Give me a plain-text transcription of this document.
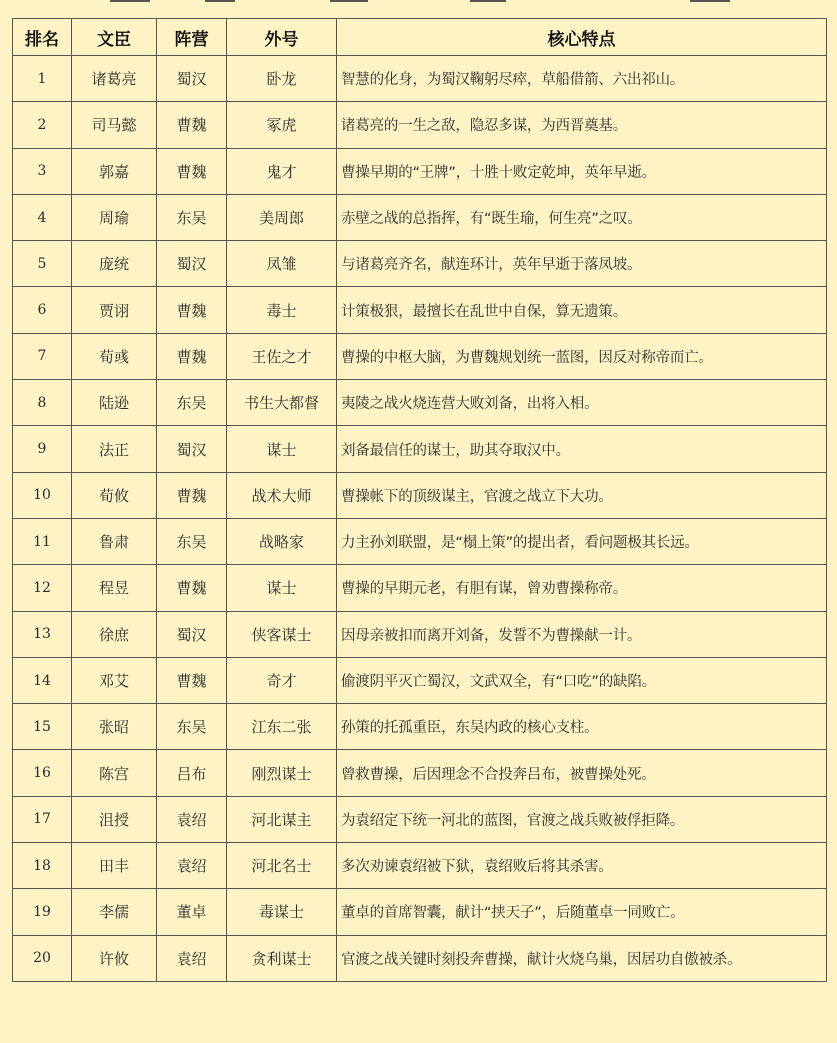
排名	文臣	阵营	外号	核心特点
1	诸葛亮	蜀汉	卧龙	智慧的化身，为蜀汉鞠躬尽瘁，草船借箭、六出祁山。
2	司马懿	曹魏	冢虎	诸葛亮的一生之敌，隐忍多谋，为西晋奠基。
3	郭嘉	曹魏	鬼才	曹操早期的“王牌”，十胜十败定乾坤，英年早逝。
4	周瑜	东吴	美周郎	赤壁之战的总指挥，有“既生瑜，何生亮”之叹。
5	庞统	蜀汉	凤雏	与诸葛亮齐名，献连环计，英年早逝于落凤坡。
6	贾诩	曹魏	毒士	计策极狠，最擅长在乱世中自保，算无遗策。
7	荀彧	曹魏	王佐之才	曹操的中枢大脑，为曹魏规划统一蓝图，因反对称帝而亡。
8	陆逊	东吴	书生大都督	夷陵之战火烧连营大败刘备，出将入相。
9	法正	蜀汉	谋士	刘备最信任的谋士，助其夺取汉中。
10	荀攸	曹魏	战术大师	曹操帐下的顶级谋主，官渡之战立下大功。
11	鲁肃	东吴	战略家	力主孙刘联盟，是“榻上策”的提出者，看问题极其长远。
12	程昱	曹魏	谋士	曹操的早期元老，有胆有谋，曾劝曹操称帝。
13	徐庶	蜀汉	侠客谋士	因母亲被扣而离开刘备，发誓不为曹操献一计。
14	邓艾	曹魏	奇才	偷渡阴平灭亡蜀汉，文武双全，有“口吃”的缺陷。
15	张昭	东吴	江东二张	孙策的托孤重臣，东吴内政的核心支柱。
16	陈宫	吕布	刚烈谋士	曾救曹操，后因理念不合投奔吕布，被曹操处死。
17	沮授	袁绍	河北谋主	为袁绍定下统一河北的蓝图，官渡之战兵败被俘拒降。
18	田丰	袁绍	河北名士	多次劝谏袁绍被下狱，袁绍败后将其杀害。
19	李儒	董卓	毒谋士	董卓的首席智囊，献计“挟天子”，后随董卓一同败亡。
20	许攸	袁绍	贪利谋士	官渡之战关键时刻投奔曹操，献计火烧乌巢，因居功自傲被杀。
